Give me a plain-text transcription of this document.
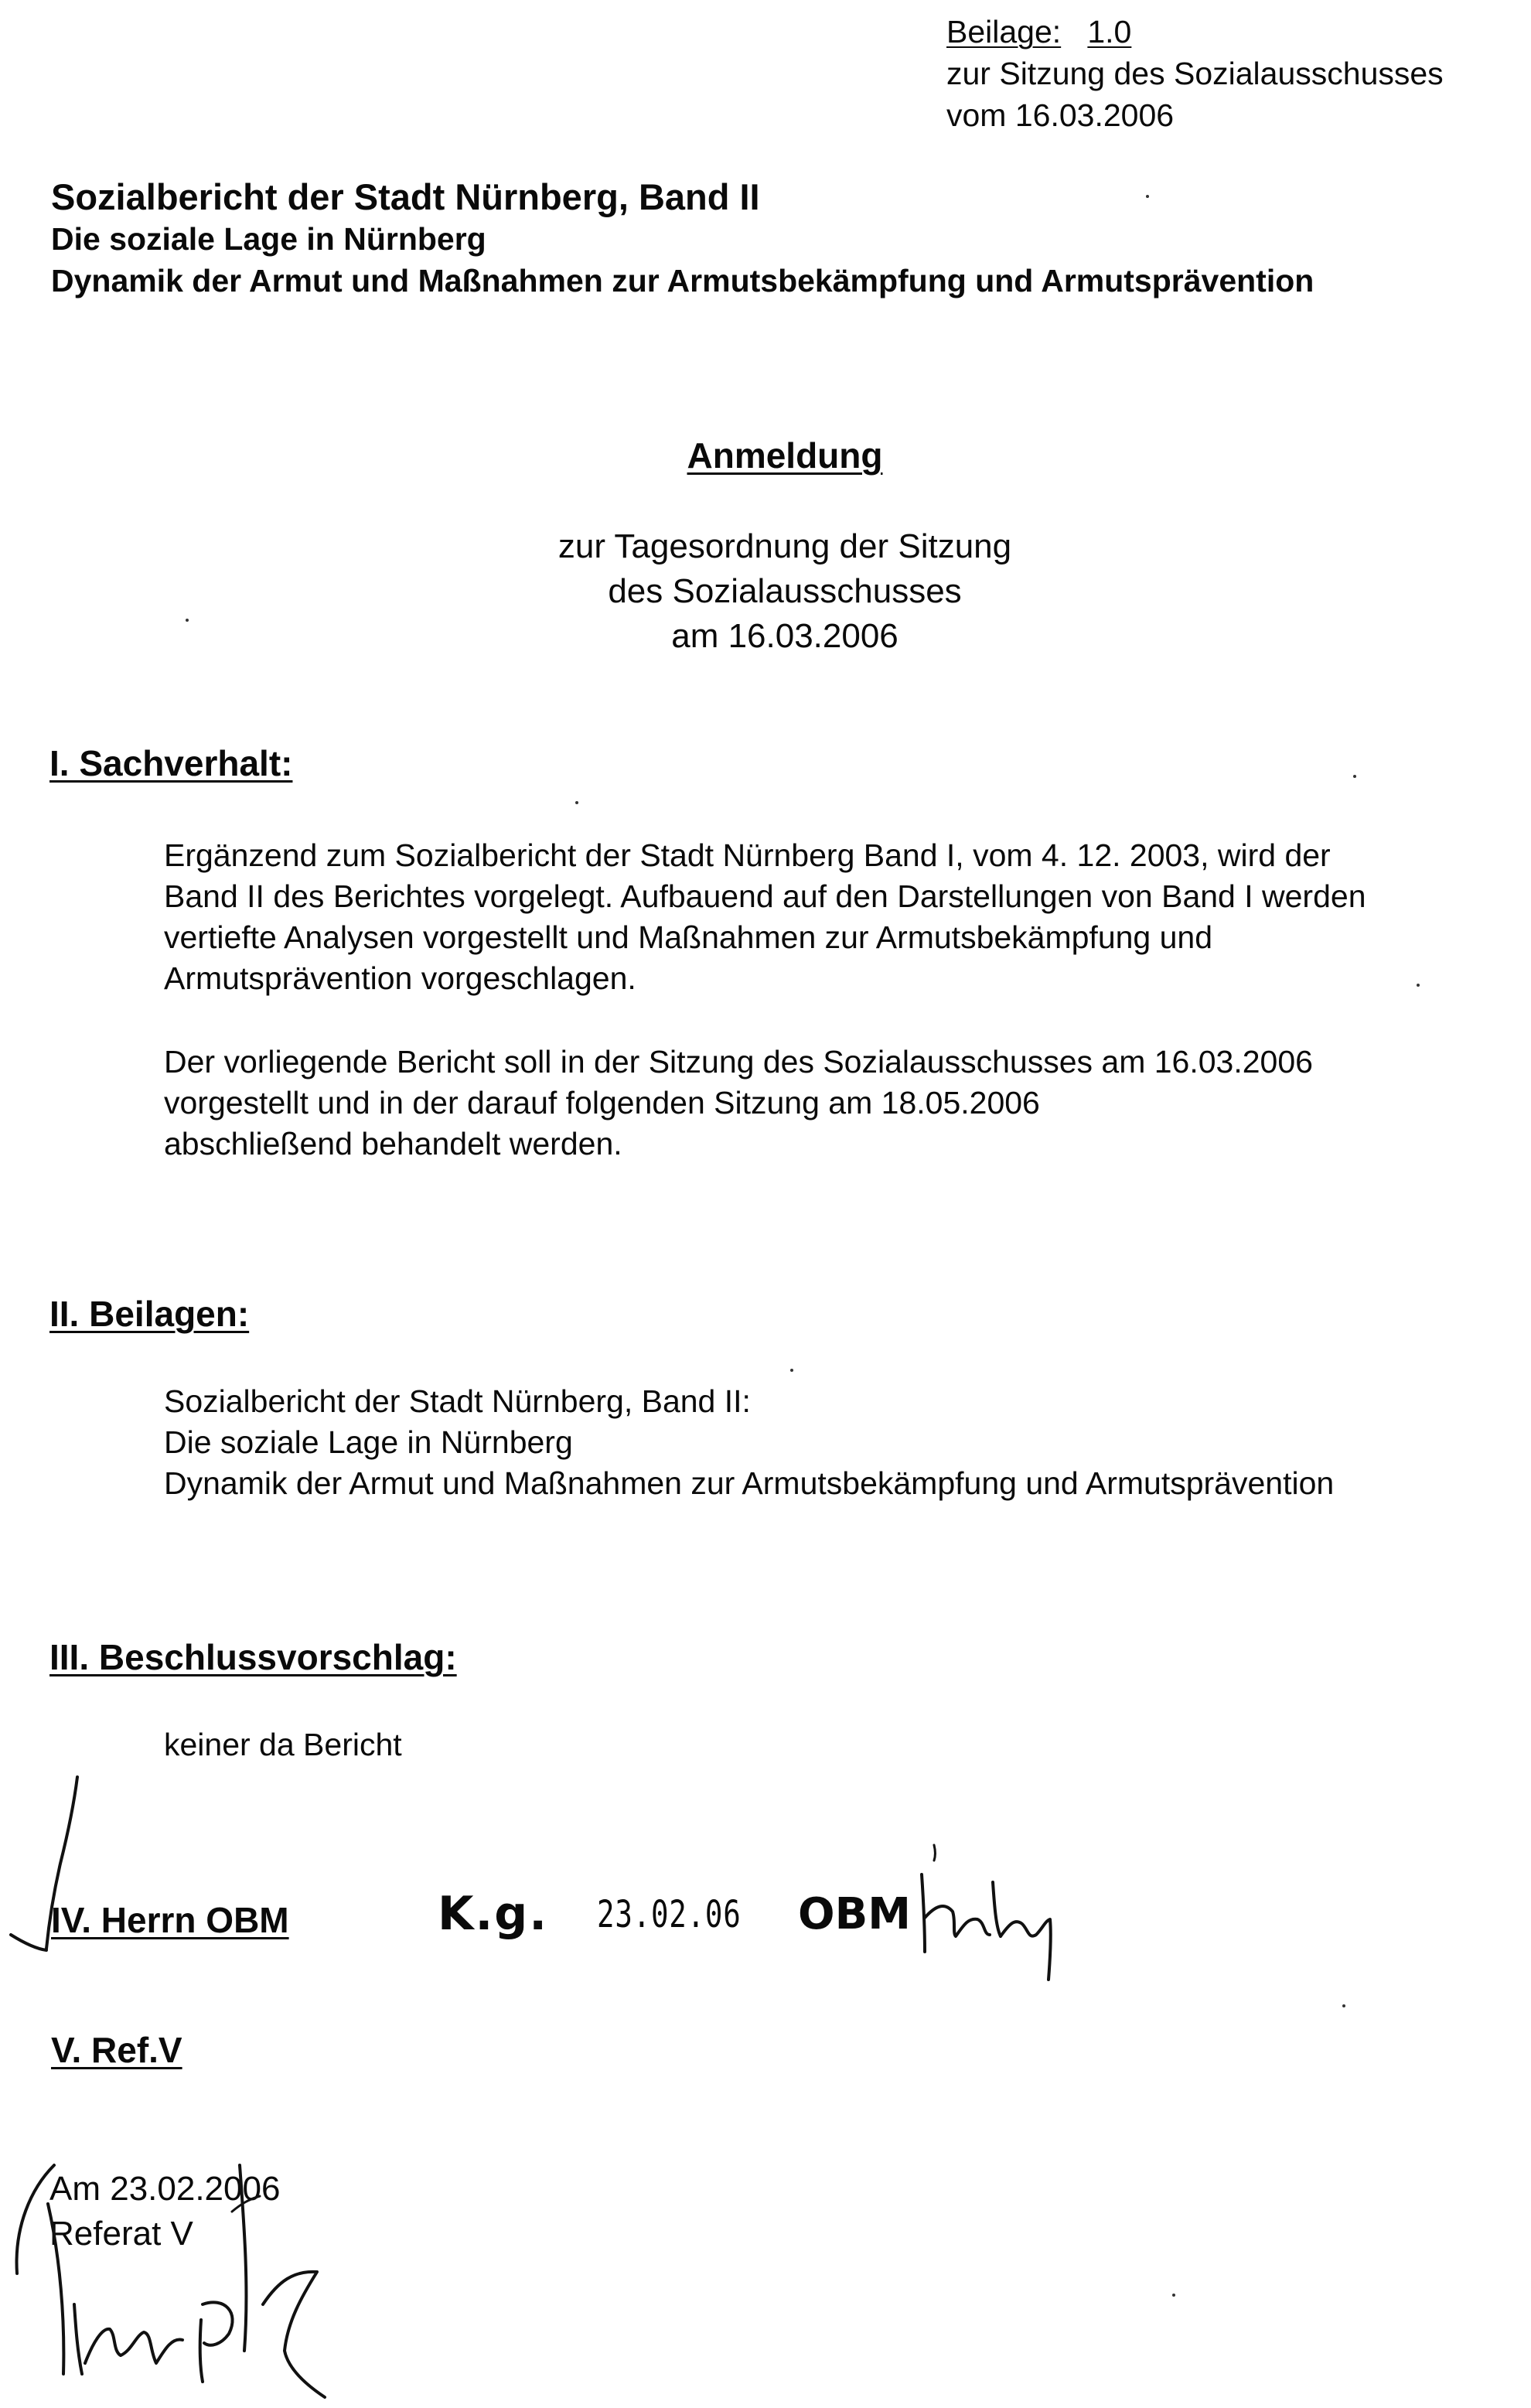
Beilage: 1.0
zur Sitzung des Sozialausschusses
vom 16.03.2006
Sozialbericht der Stadt Nürnberg, Band II
Die soziale Lage in Nürnberg
Dynamik der Armut und Maßnahmen zur Armutsbekämpfung und Armutsprävention
Anmeldung
zur Tagesordnung der Sitzung
des Sozialausschusses
am 16.03.2006
I. Sachverhalt:
Ergänzend zum Sozialbericht der Stadt Nürnberg Band I, vom 4. 12. 2003, wird der
Band II des Berichtes vorgelegt. Aufbauend auf den Darstellungen von Band I werden
vertiefte Analysen vorgestellt und Maßnahmen zur Armutsbekämpfung und
Armutsprävention vorgeschlagen.
Der vorliegende Bericht soll in der Sitzung des Sozialausschusses am 16.03.2006
vorgestellt und in der darauf folgenden Sitzung am 18.05.2006
abschließend behandelt werden.
II. Beilagen:
Sozialbericht der Stadt Nürnberg, Band II:
Die soziale Lage in Nürnberg
Dynamik der Armut und Maßnahmen zur Armutsbekämpfung und Armutsprävention
III. Beschlussvorschlag:
keiner da Bericht
IV. Herrn OBM	K.g. 23.02.06 OBM
V. Ref.V
Am 23.02.2006
Referat V
